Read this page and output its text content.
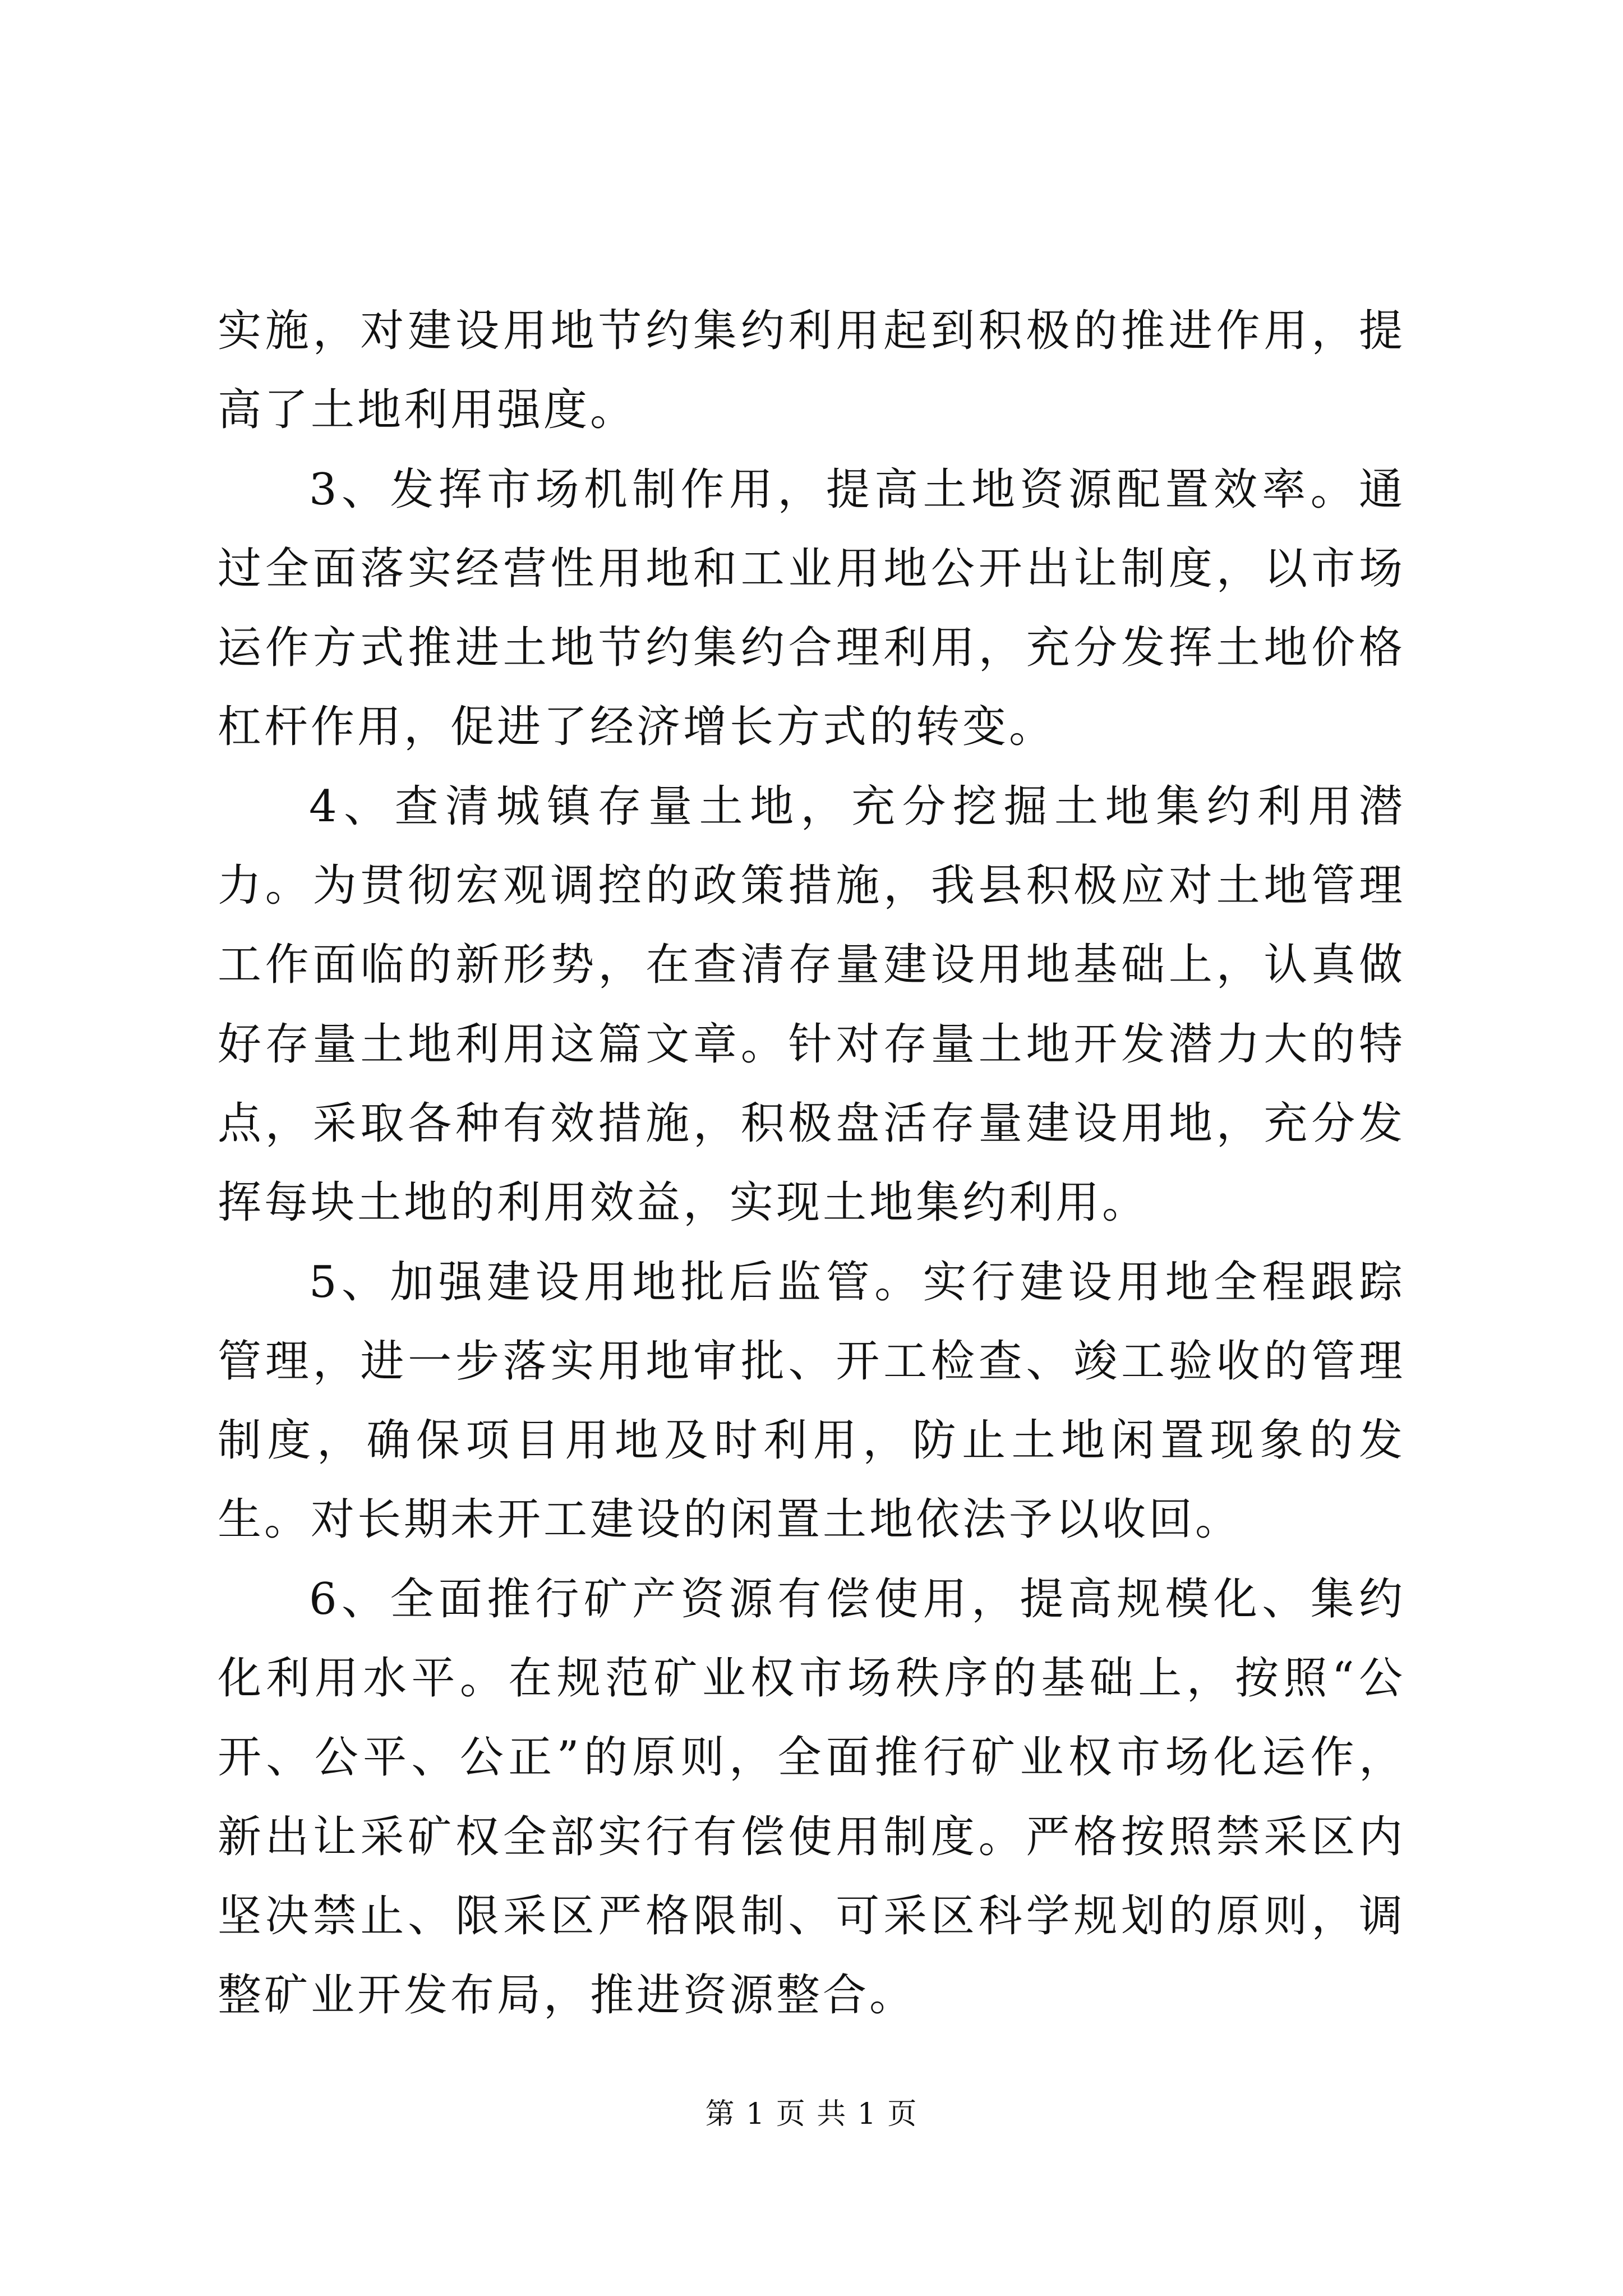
实施，对建设用地节约集约利用起到积极的推进作用，提高了土地利用强度。

3、发挥市场机制作用，提高土地资源配置效率。通过全面落实经营性用地和工业用地公开出让制度，以市场运作方式推进土地节约集约合理利用，充分发挥土地价格杠杆作用，促进了经济增长方式的转变。

4、查清城镇存量土地，充分挖掘土地集约利用潜力。为贯彻宏观调控的政策措施，我县积极应对土地管理工作面临的新形势，在查清存量建设用地基础上，认真做好存量土地利用这篇文章。针对存量土地开发潜力大的特点，采取各种有效措施，积极盘活存量建设用地，充分发挥每块土地的利用效益，实现土地集约利用。

5、加强建设用地批后监管。实行建设用地全程跟踪管理，进一步落实用地审批、开工检查、竣工验收的管理制度，确保项目用地及时利用，防止土地闲置现象的发生。对长期未开工建设的闲置土地依法予以收回。

6、全面推行矿产资源有偿使用，提高规模化、集约化利用水平。在规范矿业权市场秩序的基础上，按照“公开、公平、公正”的原则，全面推行矿业权市场化运作，新出让采矿权全部实行有偿使用制度。严格按照禁采区内坚决禁止、限采区严格限制、可采区科学规划的原则，调整矿业开发布局，推进资源整合。

第 1 页 共 1 页
